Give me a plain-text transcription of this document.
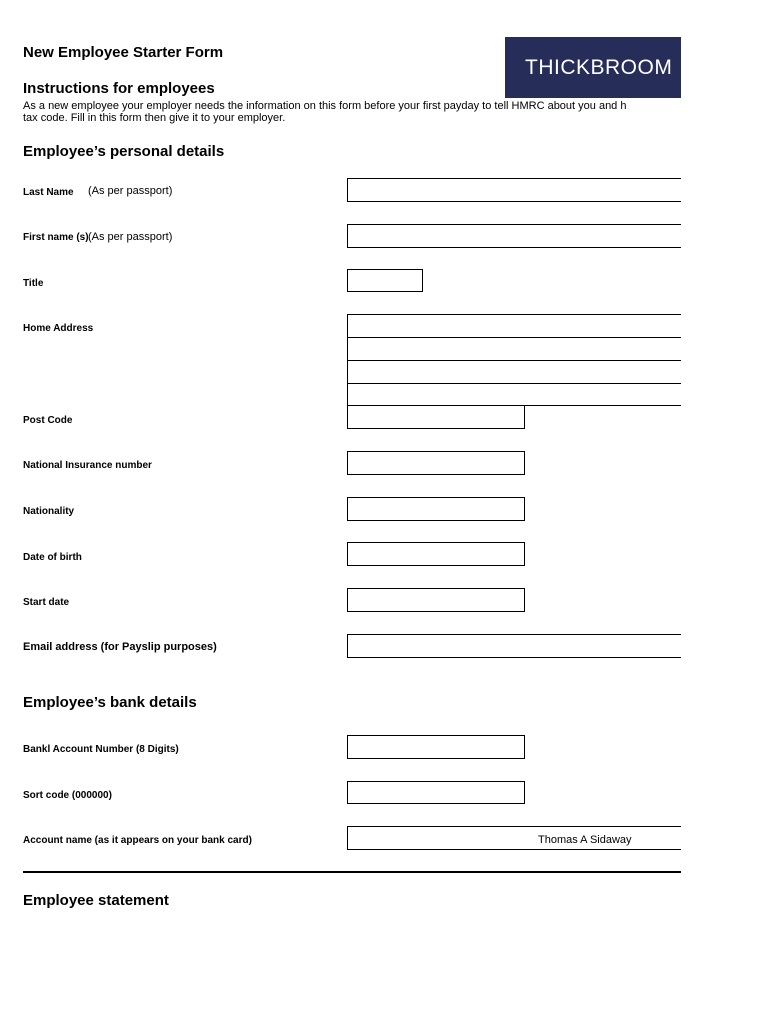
New Employee Starter Form
THICKBROOM
Instructions for employees
As a new employee your employer needs the information on this form before your first payday to tell HMRC about you and h
tax code. Fill in this form then give it to your employer.
Employee’s personal details
Last Name (As per passport)
First name (s) (As per passport)
Title
Home Address
Post Code
National Insurance number
Nationality
Date of birth
Start date
Email address (for Payslip purposes)
Employee’s bank details
Bankl Account Number (8 Digits)
Sort code (000000)
Account name (as it appears on your bank card)	Thomas A Sidaway
Employee statement
